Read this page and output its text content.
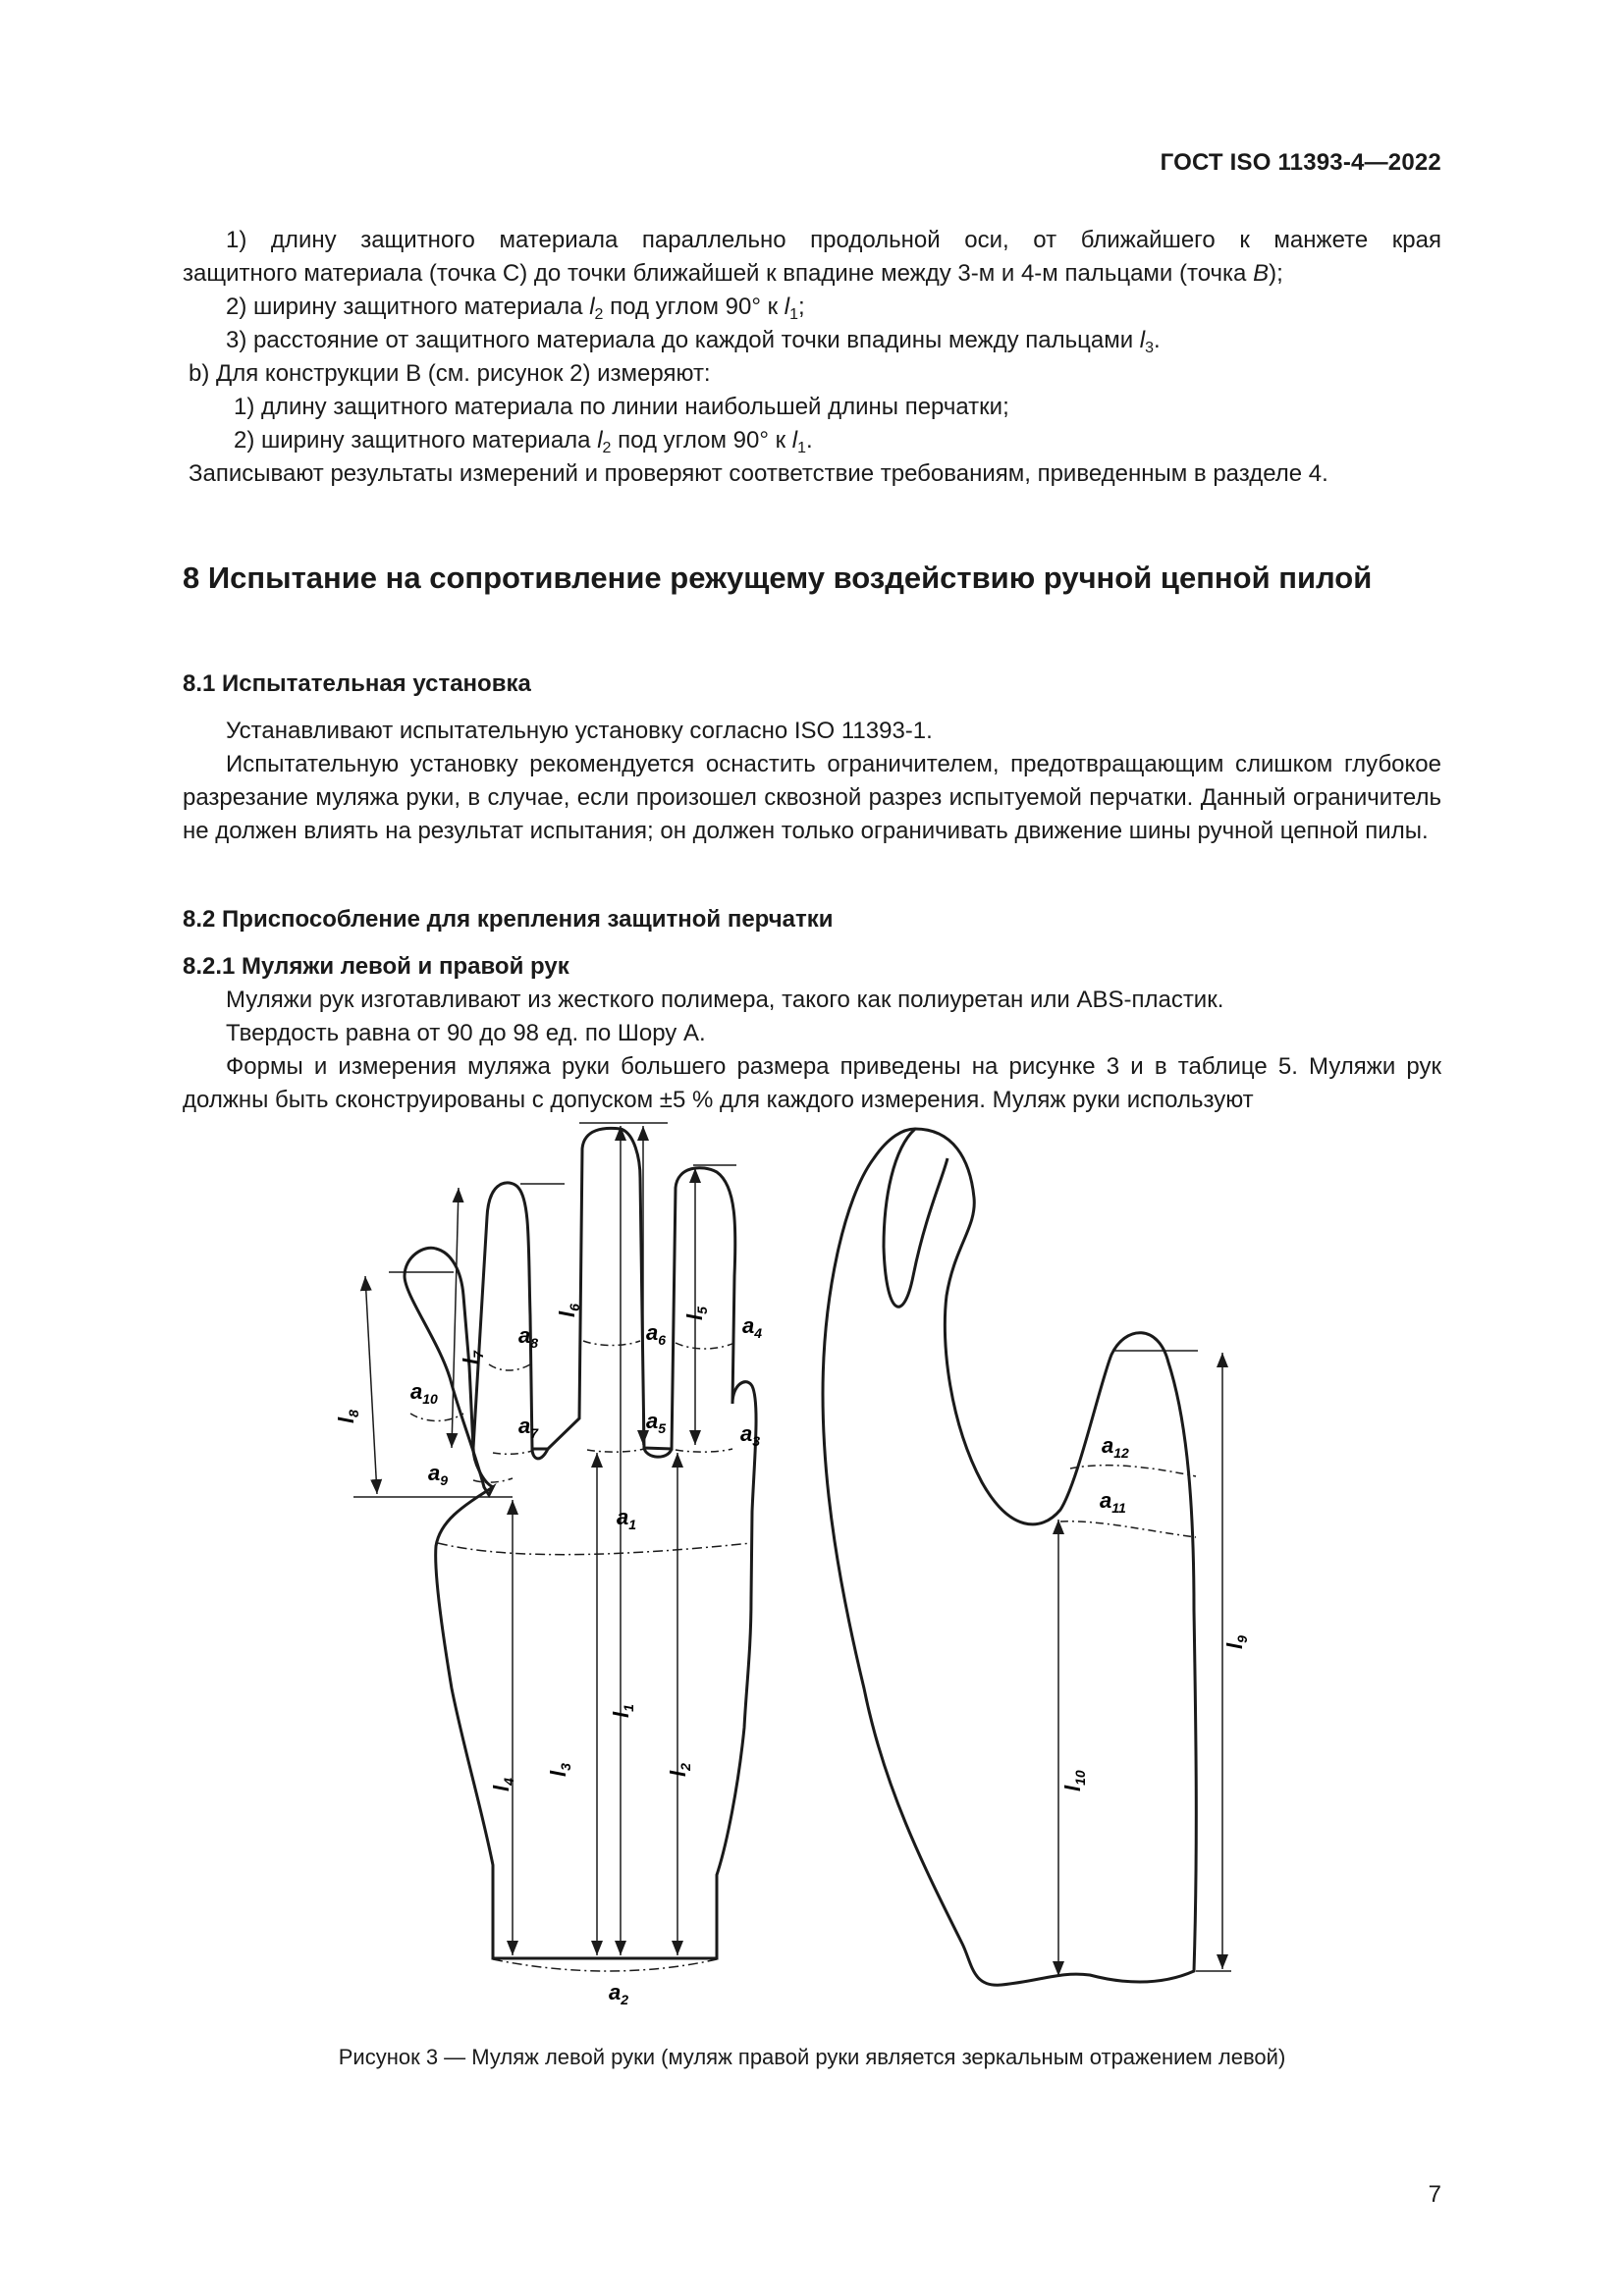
ГОСТ ISO 11393-4—2022

1) длину защитного материала параллельно продольной оси, от ближайшего к манжете края

защитного материала (точка С) до точки ближайшей к впадине между 3-м и 4-м пальцами (точка B);

2) ширину защитного материала $l_2$ под углом 90° к $l_1$;

3) расстояние от защитного материала до каждой точки впадины между пальцами $l_3$.

b) Для конструкции В (см. рисунок 2) измеряют:

1) длину защитного материала по линии наибольшей длины перчатки;

2) ширину защитного материала $l_2$ под углом 90° к $l_1$.

Записывают результаты измерений и проверяют соответствие требованиям, приведенным в разделе 4.

8 Испытание на сопротивление режущему воздействию ручной цепной пилой
8.1 Испытательная установка

Устанавливают испытательную установку согласно ISO 11393-1.

Испытательную установку рекомендуется оснастить ограничителем, предотвращающим слишком глубокое разрезание муляжа руки, в случае, если произошел сквозной разрез испытуемой перчатки. Данный ограничитель не должен влиять на результат испытания; он должен только ограничивать движение шины ручной цепной пилы.

8.2 Приспособление для крепления защитной перчатки
8.2.1 Муляжи левой и правой рук

Муляжи рук изготавливают из жесткого полимера, такого как полиуретан или ABS-пластик.

Твердость равна от 90 до 98 ед. по Шору А.

Формы и измерения муляжа руки большего размера приведены на рисунке 3 и в таблице 5. Муляжи рук должны быть сконструированы с допуском ±5 % для каждого измерения. Муляж руки используют

$a_1$
$a_2$
$a_3$
$a_4$
$a_5$
$a_6$
$a_7$
$a_8$
$a_9$
$a_{10}$
$a_{11}$
$a_{12}$
$l_1$
$l_2$
$l_3$
$l_4$
$l_5$
$l_6$
$l_7$
$l_8$
$l_9$
$l_{10}$
Рисунок 3 — Муляж левой руки (муляж правой руки является зеркальным отражением левой)
7
